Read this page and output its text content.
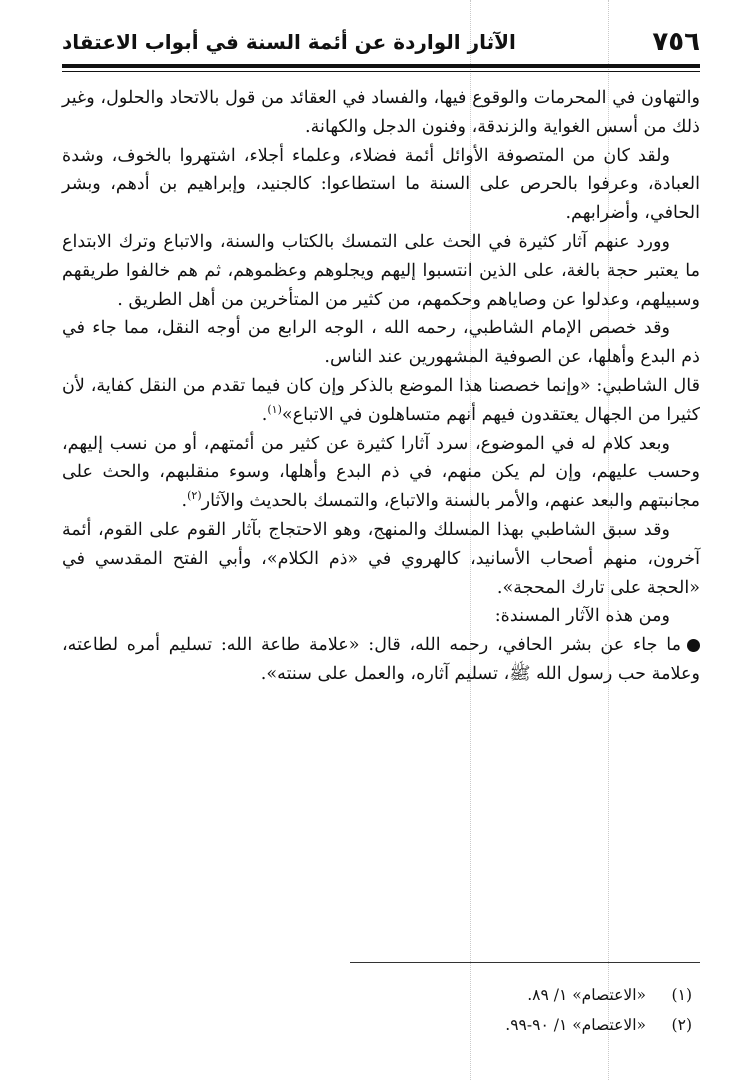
٧٥٦
الآثار الواردة عن أئمة السنة في أبواب الاعتقاد

والتهاون في المحرمات والوقوع فيها، والفساد في العقائد من قول بالاتحاد والحلول، وغير ذلك من أسس الغواية والزندقة، وفنون الدجل والكهانة.

ولقد كان من المتصوفة الأوائل أئمة فضلاء، وعلماء أجلاء، اشتهروا بالخوف، وشدة العبادة، وعرفوا بالحرص على السنة ما استطاعوا: كالجنيد، وإبراهيم بن أدهم، وبشر الحافي، وأضرابهم.

وورد عنهم آثار كثيرة في الحث على التمسك بالكتاب والسنة، والاتباع وترك الابتداع ما يعتبر حجة بالغة، على الذين انتسبوا إليهم ويجلوهم وعظموهم، ثم هم خالفوا طريقهم وسبيلهم، وعدلوا عن وصاياهم وحكمهم، من كثير من المتأخرين من أهل الطريق .

وقد خصص الإمام الشاطبي، رحمه الله ، الوجه الرابع من أوجه النقل، مما جاء في ذم البدع وأهلها، عن الصوفية المشهورين عند الناس.

قال الشاطبي: «وإنما خصصنا هذا الموضع بالذكر وإن كان فيما تقدم من النقل كفاية، لأن كثيرا من الجهال يعتقدون فيهم أنهم متساهلون في الاتباع»$^{(١)}$.

وبعد كلام له في الموضوع، سرد آثارا كثيرة عن كثير من أئمتهم، أو من نسب إليهم، وحسب عليهم، وإن لم يكن منهم، في ذم البدع وأهلها، وسوء منقلبهم، والحث على مجانبتهم والبعد عنهم، والأمر بالسنة والاتباع، والتمسك بالحديث والآثار$^{(٢)}$.

وقد سبق الشاطبي بهذا المسلك والمنهج، وهو الاحتجاج بآثار القوم على القوم، أئمة آخرون، منهم أصحاب الأسانيد، كالهروي في «ذم الكلام»، وأبي الفتح المقدسي في «الحجة على تارك المحجة».

ومن هذه الآثار المسندة:

ما جاء عن بشر الحافي، رحمه الله، قال: «علامة طاعة الله: تسليم أمره لطاعته، وعلامة حب رسول الله ﷺ، تسليم آثاره، والعمل على سنته».

(١)
«الاعتصام» ١/ ٨٩.
(٢)
«الاعتصام» ١/ ٩٠-٩٩.
